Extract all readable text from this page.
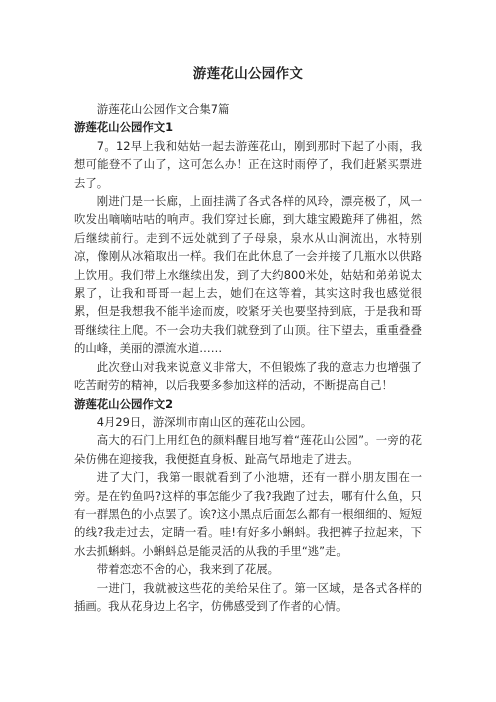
游莲花山公园作文

游莲花山公园作文合集7篇

游莲花山公园作文1

7。12早上我和姑姑一起去游莲花山，刚到那时下起了小雨，我想可能登不了山了，这可怎么办！正在这时雨停了，我们赶紧买票进去了。

刚进门是一长廊，上面挂满了各式各样的风玲，漂亮极了，风一吹发出嘀嘀咕咕的响声。我们穿过长廊，到大雄宝殿跪拜了佛祖，然后继续前行。走到不远处就到了子母泉，泉水从山涧流出，水特别凉，像刚从冰箱取出一样。我们在此休息了一会并接了几瓶水以供路上饮用。我们带上水继续出发，到了大约800米处，姑姑和弟弟说太累了，让我和哥哥一起上去，她们在这等着，其实这时我也感觉很累，但是我想我不能半途而废，咬紧牙关也要坚持到底，于是我和哥哥继续往上爬。不一会功夫我们就登到了山顶。往下望去，重重叠叠的山峰，美丽的漂流水道……

此次登山对我来说意义非常大，不但锻炼了我的意志力也增强了吃苦耐劳的精神，以后我要多参加这样的活动，不断提高自己！

游莲花山公园作文2

4月29日，游深圳市南山区的莲花山公园。

高大的石门上用红色的颜料醒目地写着“莲花山公园”。一旁的花朵仿佛在迎接我，我便挺直身板、趾高气昂地走了进去。

进了大门，我第一眼就看到了小池塘，还有一群小朋友围在一旁。是在钓鱼吗?这样的事怎能少了我?我跑了过去，哪有什么鱼，只有一群黑色的小点罢了。诶?这小黑点后面怎么都有一根细细的、短短的线?我走过去，定睛一看。哇!有好多小蝌蚪。我把裤子拉起来，下水去抓蝌蚪。小蝌蚪总是能灵活的从我的手里“逃”走。

带着恋恋不舍的心，我来到了花展。

一进门，我就被这些花的美给呆住了。第一区域，是各式各样的插画。我从花身边上名字，仿佛感受到了作者的心情。
